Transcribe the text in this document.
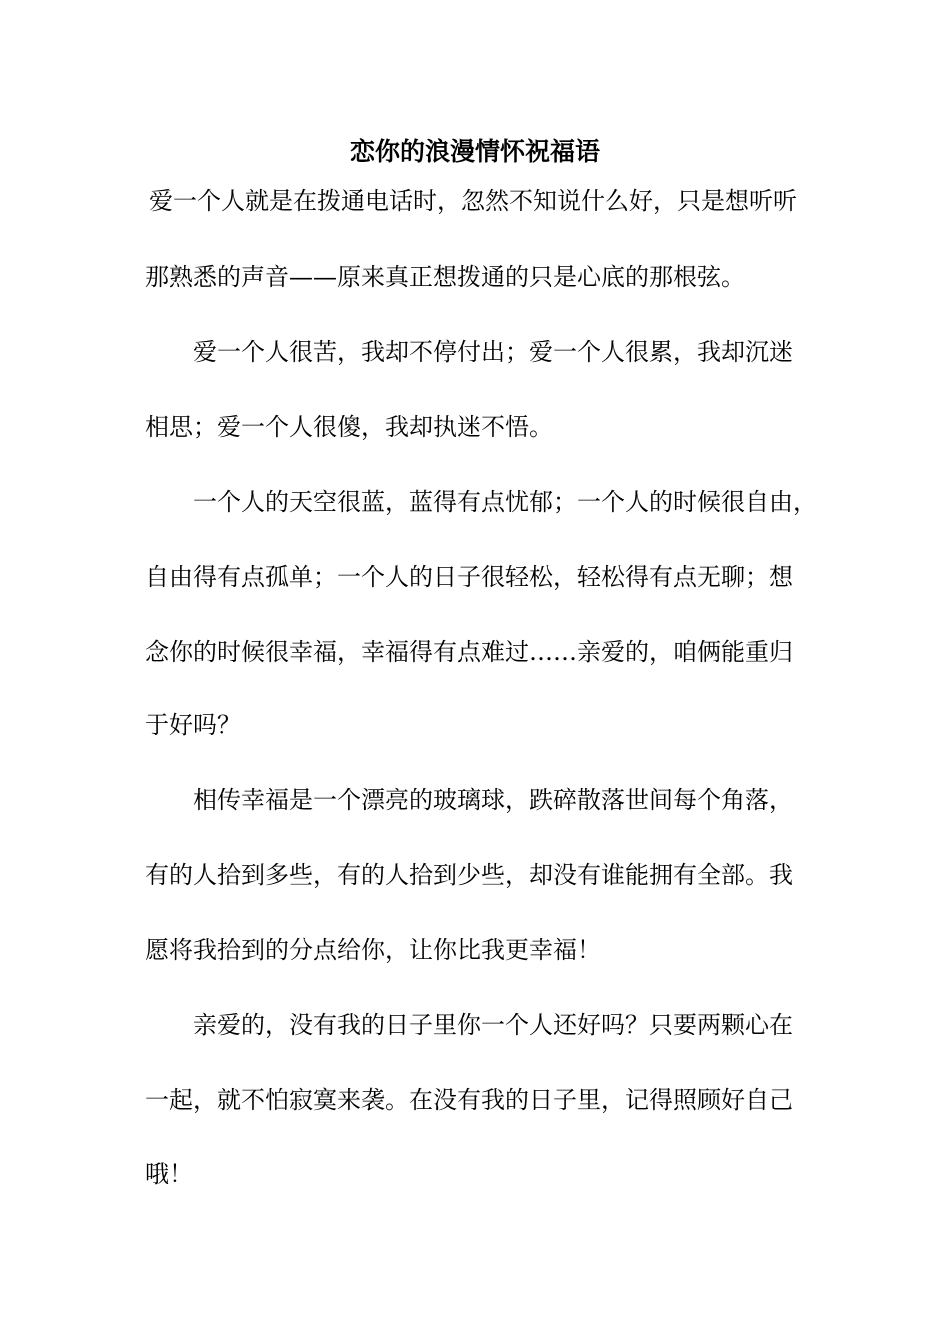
恋你的浪漫情怀祝福语
爱一个人就是在拨通电话时，忽然不知说什么好，只是想听听
那熟悉的声音——原来真正想拨通的只是心底的那根弦。
爱一个人很苦，我却不停付出；爱一个人很累，我却沉迷
相思；爱一个人很傻，我却执迷不悟。
一个人的天空很蓝，蓝得有点忧郁；一个人的时候很自由，
自由得有点孤单；一个人的日子很轻松，轻松得有点无聊；想
念你的时候很幸福，幸福得有点难过……亲爱的，咱俩能重归
于好吗？
相传幸福是一个漂亮的玻璃球，跌碎散落世间每个角落，
有的人拾到多些，有的人拾到少些，却没有谁能拥有全部。我
愿将我拾到的分点给你，让你比我更幸福！
亲爱的，没有我的日子里你一个人还好吗？只要两颗心在
一起，就不怕寂寞来袭。在没有我的日子里，记得照顾好自己
哦！
